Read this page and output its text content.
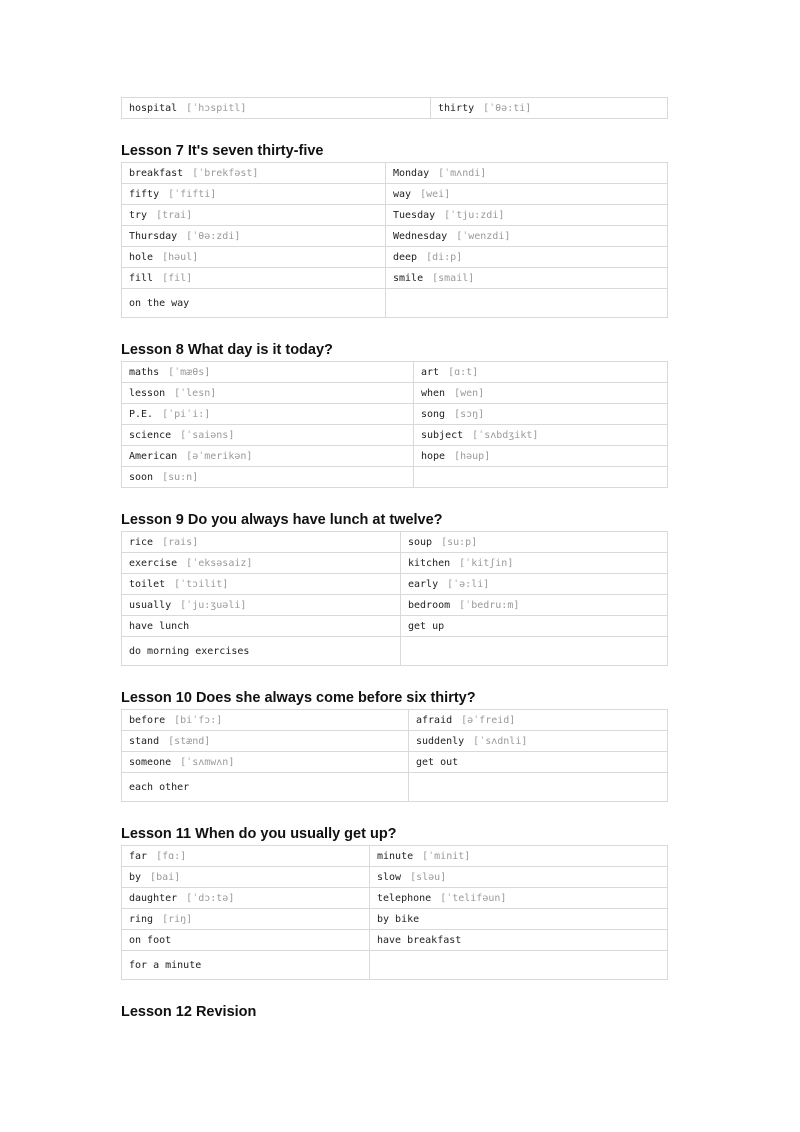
hospital [ˈhɔspitl]	thirty [ˈθə:ti]
Lesson 7 It's seven thirty-five
breakfast [ˈbrekfəst]	Monday [ˈmʌndi]
fifty [ˈfifti]	way [wei]
try [trai]	Tuesday [ˈtju:zdi]
Thursday [ˈθə:zdi]	Wednesday [ˈwenzdi]
hole [həul]	deep [di:p]
fill [fil]	smile [smail]
on the way	
Lesson 8 What day is it today?
maths [ˈmæθs]	art [ɑ:t]
lesson [ˈlesn]	when [wen]
P.E. [ˈpiˈi:]	song [sɔŋ]
science [ˈsaiəns]	subject [ˈsʌbdʒikt]
American [əˈmerikən]	hope [həup]
soon [su:n]	
Lesson 9 Do you always have lunch at twelve?
rice [rais]	soup [su:p]
exercise [ˈeksəsaiz]	kitchen [ˈkitʃin]
toilet [ˈtɔilit]	early [ˈə:li]
usually [ˈju:ʒuəli]	bedroom [ˈbedru:m]
have lunch	get up
do morning exercises	
Lesson 10 Does she always come before six thirty?
before [biˈfɔ:]	afraid [əˈfreid]
stand [stænd]	suddenly [ˈsʌdnli]
someone [ˈsʌmwʌn]	get out
each other	
Lesson 11 When do you usually get up?
far [fɑ:]	minute [ˈminit]
by [bai]	slow [sləu]
daughter [ˈdɔ:tə]	telephone [ˈtelifəun]
ring [riŋ]	by bike
on foot	have breakfast
for a minute	
Lesson 12 Revision
